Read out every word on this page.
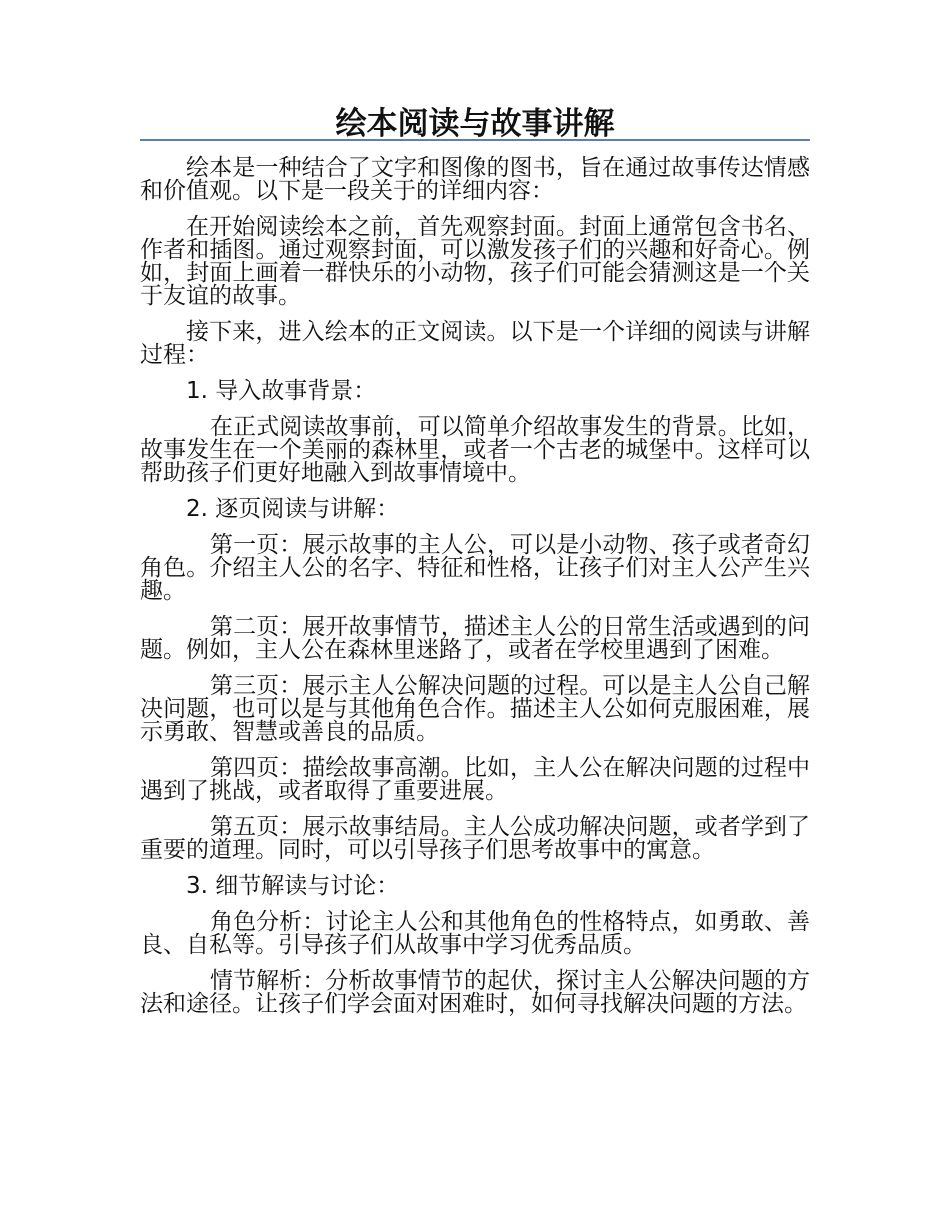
绘本阅读与故事讲解

绘本是一种结合了文字和图像的图书，旨在通过故事传达情感和价值观。以下是一段关于的详细内容：

在开始阅读绘本之前，首先观察封面。封面上通常包含书名、作者和插图。通过观察封面，可以激发孩子们的兴趣和好奇心。例如，封面上画着一群快乐的小动物，孩子们可能会猜测这是一个关于友谊的故事。

接下来，进入绘本的正文阅读。以下是一个详细的阅读与讲解过程：

1. 导入故事背景：

在正式阅读故事前，可以简单介绍故事发生的背景。比如，故事发生在一个美丽的森林里，或者一个古老的城堡中。这样可以帮助孩子们更好地融入到故事情境中。

2. 逐页阅读与讲解：

第一页：展示故事的主人公，可以是小动物、孩子或者奇幻角色。介绍主人公的名字、特征和性格，让孩子们对主人公产生兴趣。

第二页：展开故事情节，描述主人公的日常生活或遇到的问题。例如，主人公在森林里迷路了，或者在学校里遇到了困难。

第三页：展示主人公解决问题的过程。可以是主人公自己解决问题，也可以是与其他角色合作。描述主人公如何克服困难，展示勇敢、智慧或善良的品质。

第四页：描绘故事高潮。比如，主人公在解决问题的过程中遇到了挑战，或者取得了重要进展。

第五页：展示故事结局。主人公成功解决问题，或者学到了重要的道理。同时，可以引导孩子们思考故事中的寓意。

3. 细节解读与讨论：

角色分析：讨论主人公和其他角色的性格特点，如勇敢、善良、自私等。引导孩子们从故事中学习优秀品质。

情节解析：分析故事情节的起伏，探讨主人公解决问题的方法和途径。让孩子们学会面对困难时，如何寻找解决问题的方法。
